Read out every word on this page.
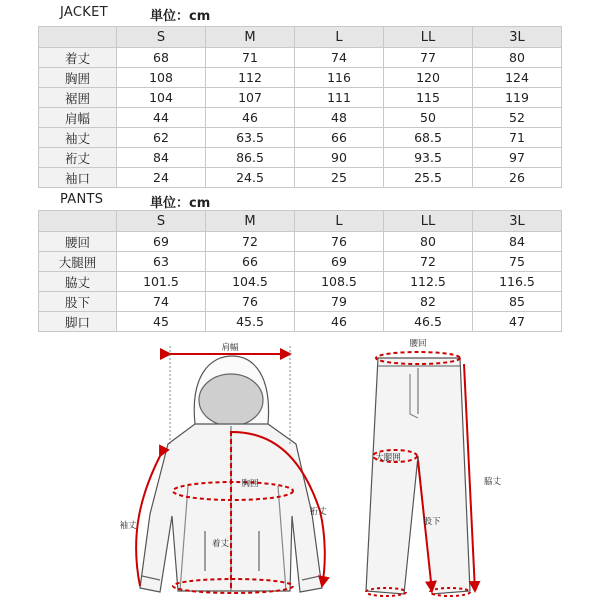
JACKET	単位：cm
	S	M	L	LL	3L
着丈	68	71	74	77	80
胸囲	108	112	116	120	124
裾囲	104	107	111	115	119
肩幅	44	46	48	50	52
袖丈	62	63.5	66	68.5	71
裄丈	84	86.5	90	93.5	97
袖口	24	24.5	25	25.5	26
PANTS	単位：cm
	S	M	L	LL	3L
腰回	69	72	76	80	84
大腿囲	63	66	69	72	75
脇丈	101.5	104.5	108.5	112.5	116.5
股下	74	76	79	82	85
脚口	45	45.5	46	46.5	47
肩幅
胸囲
着丈
袖丈
裄丈
腰回
大腿囲
脇丈
股下
